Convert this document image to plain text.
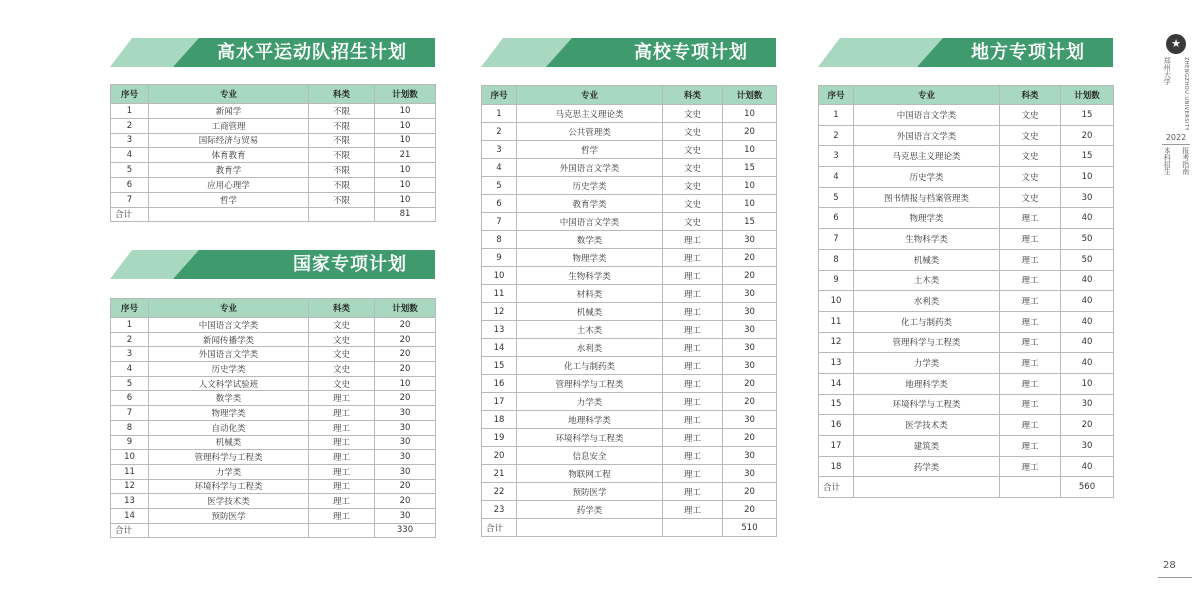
高水平运动队招生计划
序号	专业	科类	计划数
1	新闻学	不限	10
2	工商管理	不限	10
3	国际经济与贸易	不限	10
4	体育教育	不限	21
5	教育学	不限	10
6	应用心理学	不限	10
7	哲学	不限	10
合计			81
国家专项计划
序号	专业	科类	计划数
1	中国语言文学类	文史	20
2	新闻传播学类	文史	20
3	外国语言文学类	文史	20
4	历史学类	文史	20
5	人文科学试验班	文史	10
6	数学类	理工	20
7	物理学类	理工	30
8	自动化类	理工	30
9	机械类	理工	30
10	管理科学与工程类	理工	30
11	力学类	理工	30
12	环境科学与工程类	理工	20
13	医学技术类	理工	20
14	预防医学	理工	30
合计			330
高校专项计划
序号	专业	科类	计划数
1	马克思主义理论类	文史	10
2	公共管理类	文史	20
3	哲学	文史	10
4	外国语言文学类	文史	15
5	历史学类	文史	10
6	教育学类	文史	10
7	中国语言文学类	文史	15
8	数学类	理工	30
9	物理学类	理工	20
10	生物科学类	理工	20
11	材料类	理工	30
12	机械类	理工	30
13	土木类	理工	30
14	水利类	理工	30
15	化工与制药类	理工	30
16	管理科学与工程类	理工	20
17	力学类	理工	20
18	地理科学类	理工	30
19	环境科学与工程类	理工	20
20	信息安全	理工	30
21	物联网工程	理工	30
22	预防医学	理工	20
23	药学类	理工	20
合计			510
地方专项计划
序号	专业	科类	计划数
1	中国语言文学类	文史	15
2	外国语言文学类	文史	20
3	马克思主义理论类	文史	15
4	历史学类	文史	10
5	图书情报与档案管理类	文史	30
6	物理学类	理工	40
7	生物科学类	理工	50
8	机械类	理工	50
9	土木类	理工	40
10	水利类	理工	40
11	化工与制药类	理工	40
12	管理科学与工程类	理工	40
13	力学类	理工	40
14	地理科学类	理工	10
15	环境科学与工程类	理工	30
16	医学技术类	理工	20
17	建筑类	理工	30
18	药学类	理工	40
合计			560
★
郑州大学	ZHENGZHOU UNIVERSITY
2022
本科招生 报考指南
28
